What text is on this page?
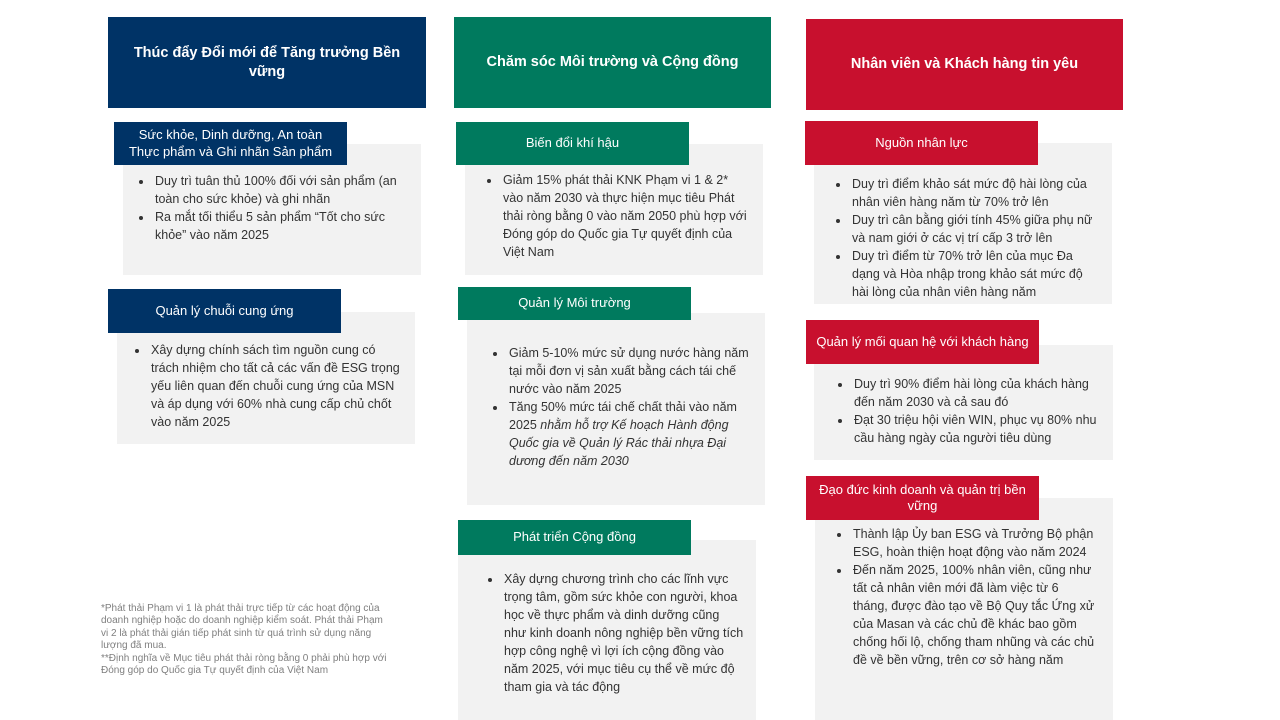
Thúc đẩy Đổi mới để Tăng trưởng Bền vững
• Duy trì tuân thủ 100% đối với sản phẩm (an toàn cho sức khỏe) và ghi nhãn
• Ra mắt tối thiểu 5 sản phẩm “Tốt cho sức khỏe” vào năm 2025
Sức khỏe, Dinh dưỡng, An toàn Thực phẩm và Ghi nhãn Sản phẩm
• Xây dựng chính sách tìm nguồn cung có trách nhiệm cho tất cả các vấn đề ESG trọng yếu liên quan đến chuỗi cung ứng của MSN và áp dụng với 60% nhà cung cấp chủ chốt vào năm 2025
Quản lý chuỗi cung ứng
*Phát thải Phạm vi 1 là phát thải trực tiếp từ các hoạt động của doanh nghiệp hoặc do doanh nghiệp kiểm soát. Phát thải Phạm vi 2 là phát thải gián tiếp phát sinh từ quá trình sử dụng năng lượng đã mua.
**Định nghĩa về Mục tiêu phát thải ròng bằng 0 phải phù hợp với Đóng góp do Quốc gia Tự quyết định của Việt Nam
Chăm sóc Môi trường và Cộng đồng
• Giảm 15% phát thải KNK Phạm vi 1 & 2* vào năm 2030 và thực hiện mục tiêu Phát thải ròng bằng 0 vào năm 2050 phù hợp với Đóng góp do Quốc gia Tự quyết định của Việt Nam
Biến đổi khí hậu
• Giảm 5-10% mức sử dụng nước hàng năm tại mỗi đơn vị sản xuất bằng cách tái chế nước vào năm 2025
• Tăng 50% mức tái chế chất thải vào năm 2025 nhằm hỗ trợ Kế hoạch Hành động Quốc gia về Quản lý Rác thải nhựa Đại dương đến năm 2030
Quản lý Môi trường
• Xây dựng chương trình cho các lĩnh vực trọng tâm, gồm sức khỏe con người, khoa học về thực phẩm và dinh dưỡng cũng như kinh doanh nông nghiệp bền vững tích hợp công nghệ vì lợi ích cộng đồng vào năm 2025, với mục tiêu cụ thể về mức độ tham gia và tác động
Phát triển Cộng đồng
Nhân viên và Khách hàng tin yêu
• Duy trì điểm khảo sát mức độ hài lòng của nhân viên hàng năm từ 70% trở lên
• Duy trì cân bằng giới tính 45% giữa phụ nữ và nam giới ở các vị trí cấp 3 trở lên
• Duy trì điểm từ 70% trở lên của mục Đa dạng và Hòa nhập trong khảo sát mức độ hài lòng của nhân viên hàng năm
Nguồn nhân lực
• Duy trì 90% điểm hài lòng của khách hàng đến năm 2030 và cả sau đó
• Đạt 30 triệu hội viên WIN, phục vụ 80% nhu cầu hàng ngày của người tiêu dùng
Quản lý mối quan hệ với khách hàng
• Thành lập Ủy ban ESG và Trưởng Bộ phận ESG, hoàn thiện hoạt động vào năm 2024
• Đến năm 2025, 100% nhân viên, cũng như tất cả nhân viên mới đã làm việc từ 6 tháng, được đào tạo về Bộ Quy tắc Ứng xử của Masan và các chủ đề khác bao gồm chống hối lộ, chống tham nhũng và các chủ đề về bền vững, trên cơ sở hàng năm
Đạo đức kinh doanh và quản trị bền vững
